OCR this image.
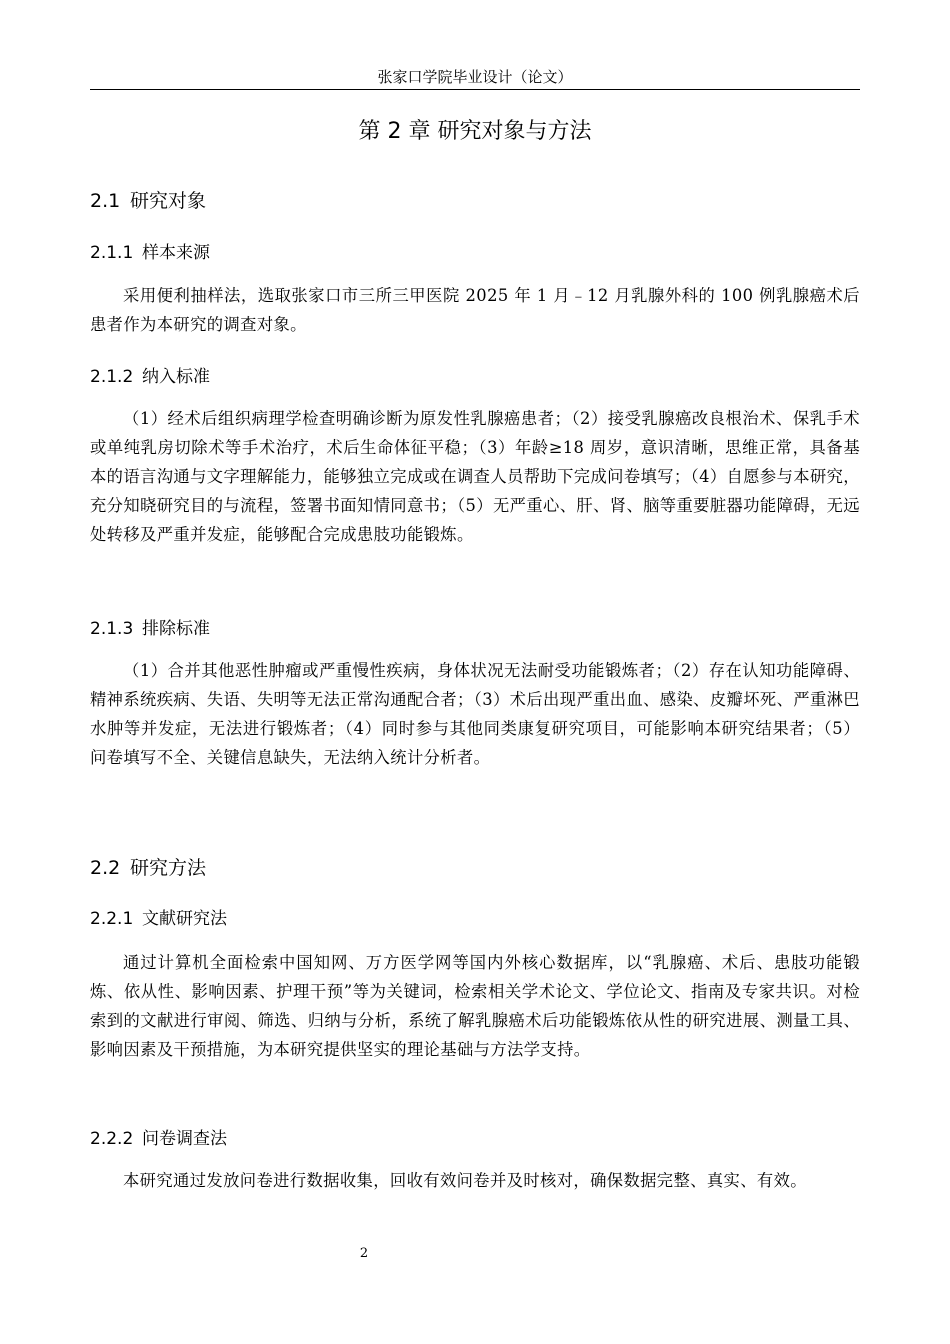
张家口学院毕业设计（论文）
第 2 章 研究对象与方法
2.1 研究对象
2.1.1 样本来源

采用便利抽样法，选取张家口市三所三甲医院 2025 年 1 月﹣12 月乳腺外科的 100 例乳腺癌术后患者作为本研究的调查对象。

2.1.2 纳入标准

（1）经术后组织病理学检查明确诊断为原发性乳腺癌患者；（2）接受乳腺癌改良根治术、保乳手术或单纯乳房切除术等手术治疗，术后生命体征平稳；（3）年龄≥18 周岁，意识清晰，思维正常，具备基本的语言沟通与文字理解能力，能够独立完成或在调查人员帮助下完成问卷填写；（4）自愿参与本研究，充分知晓研究目的与流程，签署书面知情同意书；（5）无严重心、肝、肾、脑等重要脏器功能障碍，无远处转移及严重并发症，能够配合完成患肢功能锻炼。

2.1.3 排除标准

（1）合并其他恶性肿瘤或严重慢性疾病，身体状况无法耐受功能锻炼者；（2）存在认知功能障碍、精神系统疾病、失语、失明等无法正常沟通配合者；（3）术后出现严重出血、感染、皮瓣坏死、严重淋巴水肿等并发症，无法进行锻炼者；（4）同时参与其他同类康复研究项目，可能影响本研究结果者；（5）问卷填写不全、关键信息缺失，无法纳入统计分析者。

2.2 研究方法
2.2.1 文献研究法

通过计算机全面检索中国知网、万方医学网等国内外核心数据库，以“乳腺癌、术后、患肢功能锻炼、依从性、影响因素、护理干预”等为关键词，检索相关学术论文、学位论文、指南及专家共识。对检索到的文献进行审阅、筛选、归纳与分析，系统了解乳腺癌术后功能锻炼依从性的研究进展、测量工具、影响因素及干预措施，为本研究提供坚实的理论基础与方法学支持。

2.2.2 问卷调查法

本研究通过发放问卷进行数据收集，回收有效问卷并及时核对，确保数据完整、真实、有效。

2
